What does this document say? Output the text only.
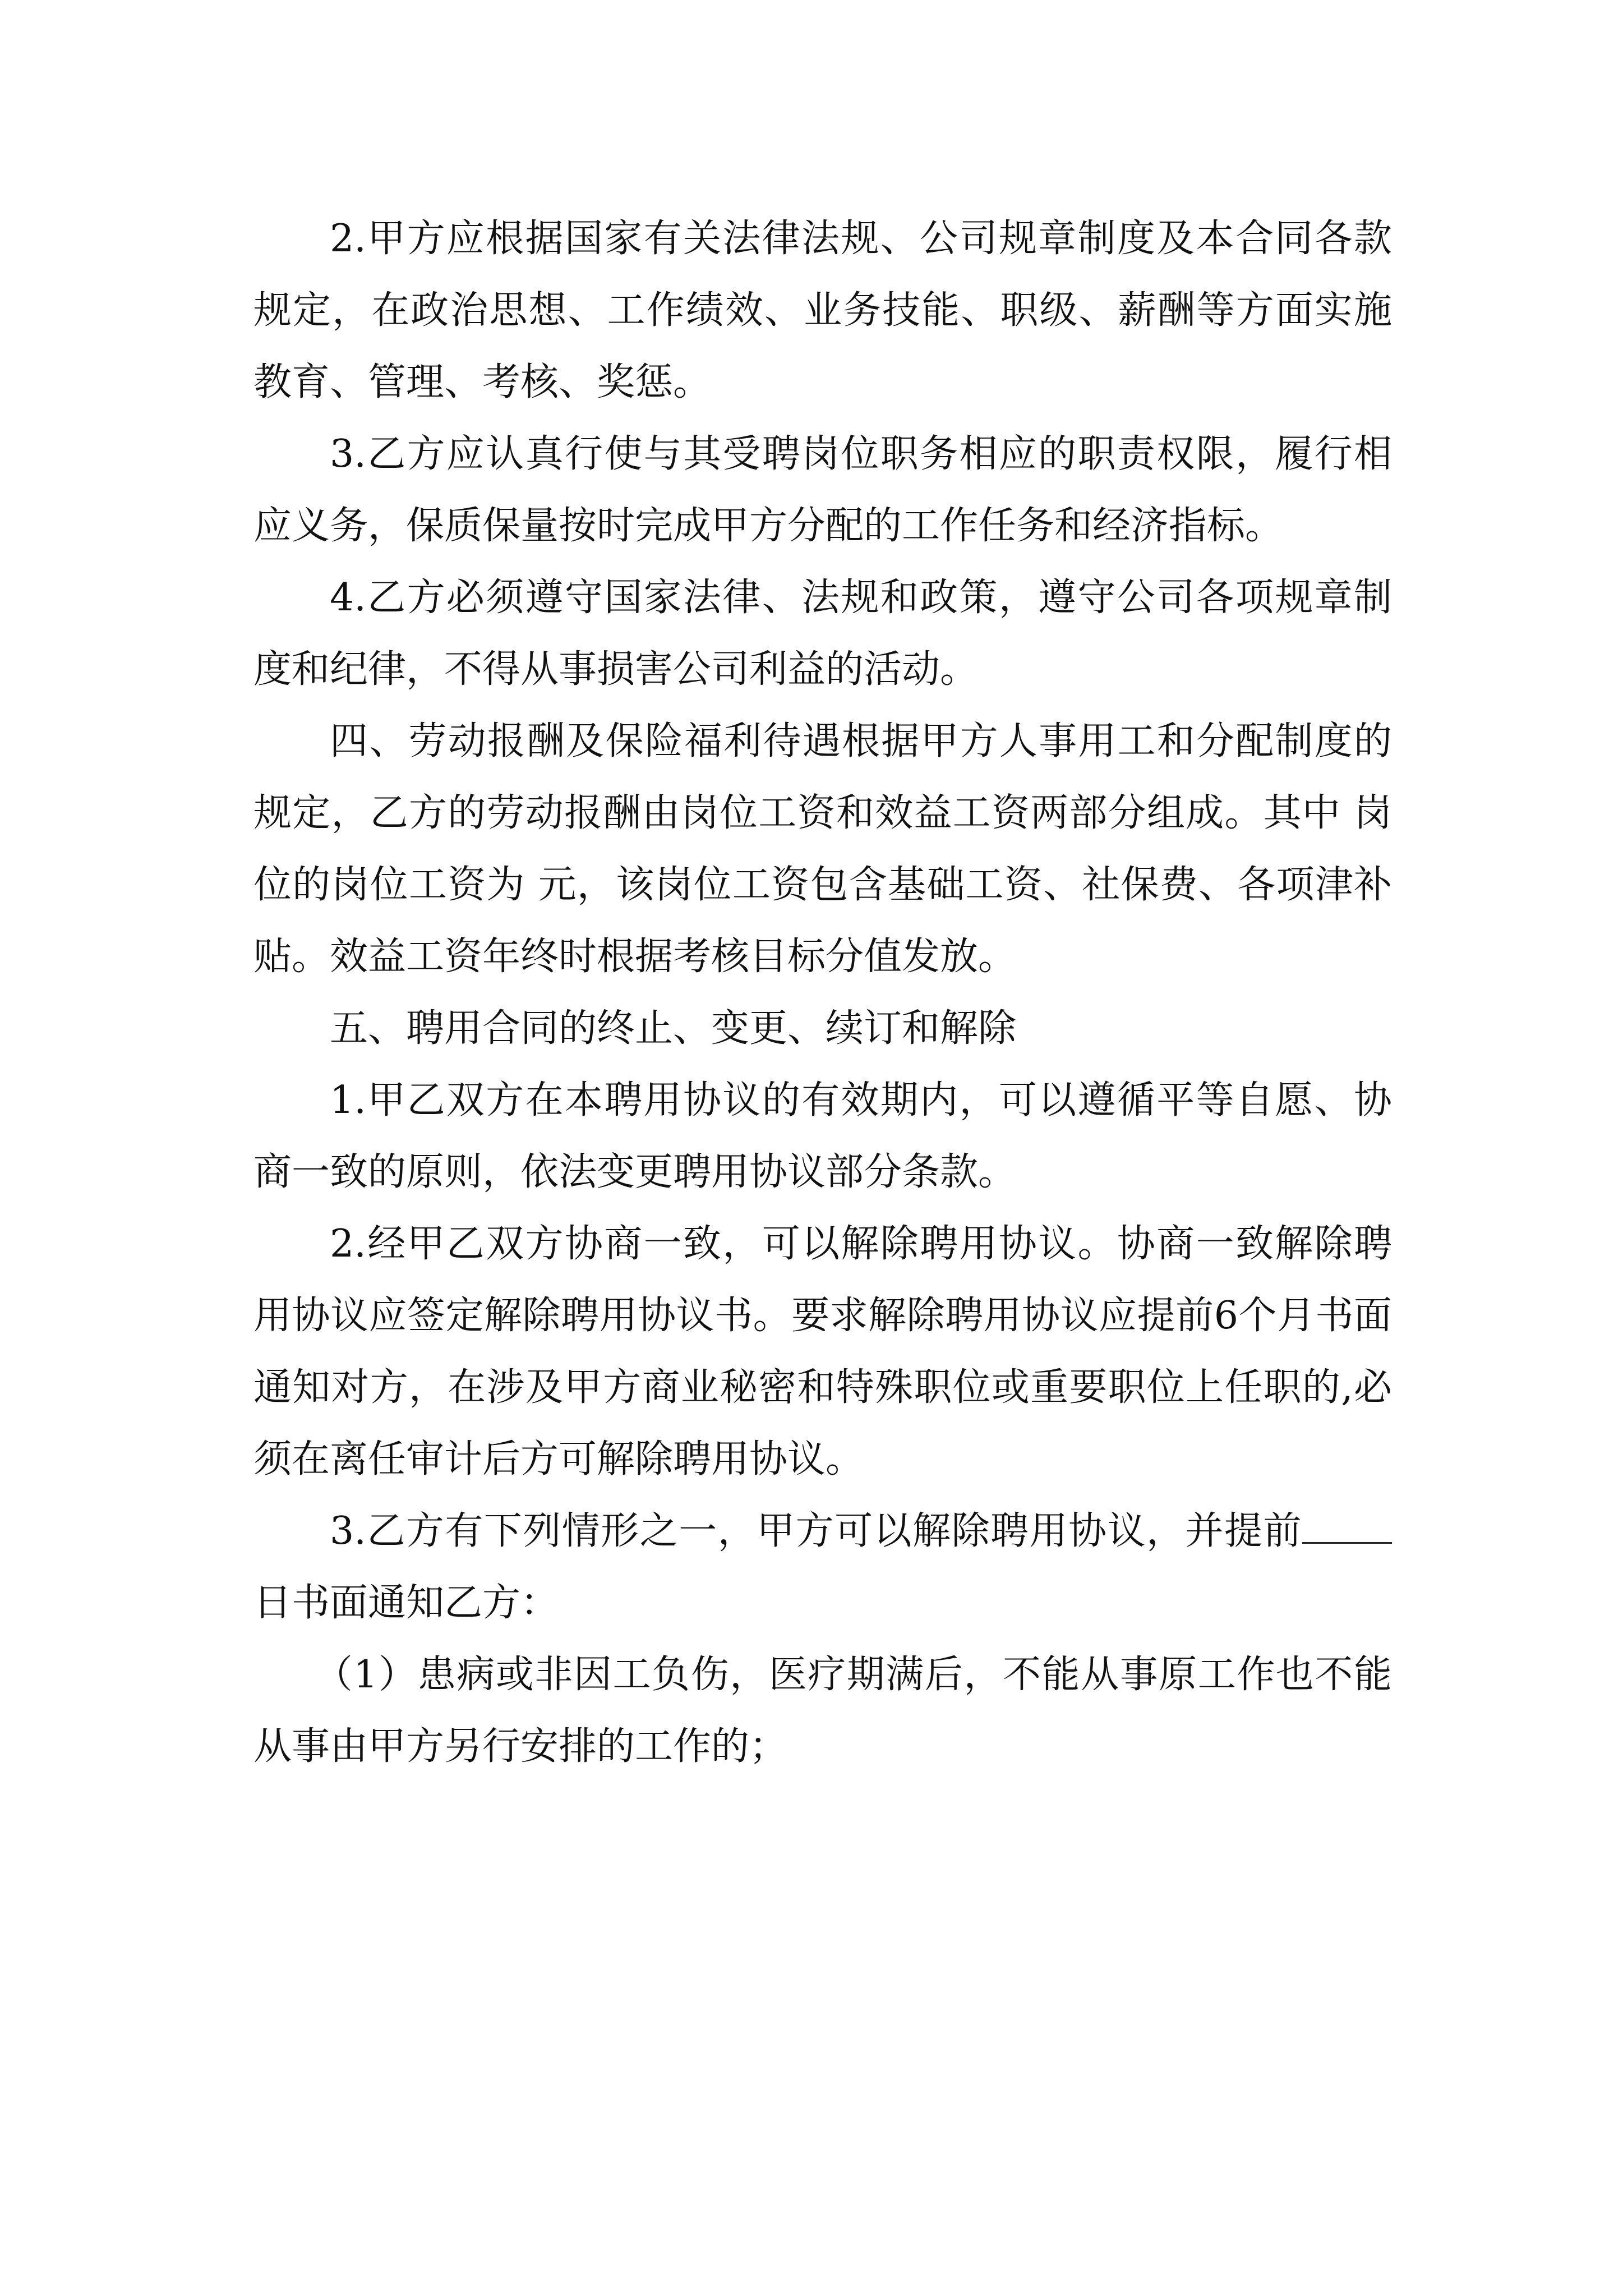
2.甲方应根据国家有关法律法规、公司规章制度及本合同各款规定，在政治思想、工作绩效、业务技能、职级、薪酬等方面实施教育、管理、考核、奖惩。

3.乙方应认真行使与其受聘岗位职务相应的职责权限，履行相应义务，保质保量按时完成甲方分配的工作任务和经济指标。

4.乙方必须遵守国家法律、法规和政策，遵守公司各项规章制度和纪律，不得从事损害公司利益的活动。

四、劳动报酬及保险福利待遇根据甲方人事用工和分配制度的规定，乙方的劳动报酬由岗位工资和效益工资两部分组成。其中 岗位的岗位工资为 元，该岗位工资包含基础工资、社保费、各项津补贴。效益工资年终时根据考核目标分值发放。

五、聘用合同的终止、变更、续订和解除

1.甲乙双方在本聘用协议的有效期内，可以遵循平等自愿、协商一致的原则，依法变更聘用协议部分条款。

2.经甲乙双方协商一致，可以解除聘用协议。协商一致解除聘用协议应签定解除聘用协议书。要求解除聘用协议应提前6个月书面通知对方，在涉及甲方商业秘密和特殊职位或重要职位上任职的,必须在离任审计后方可解除聘用协议。

3.乙方有下列情形之一，甲方可以解除聘用协议，并提前日书面通知乙方：

（1）患病或非因工负伤，医疗期满后，不能从事原工作也不能从事由甲方另行安排的工作的；
